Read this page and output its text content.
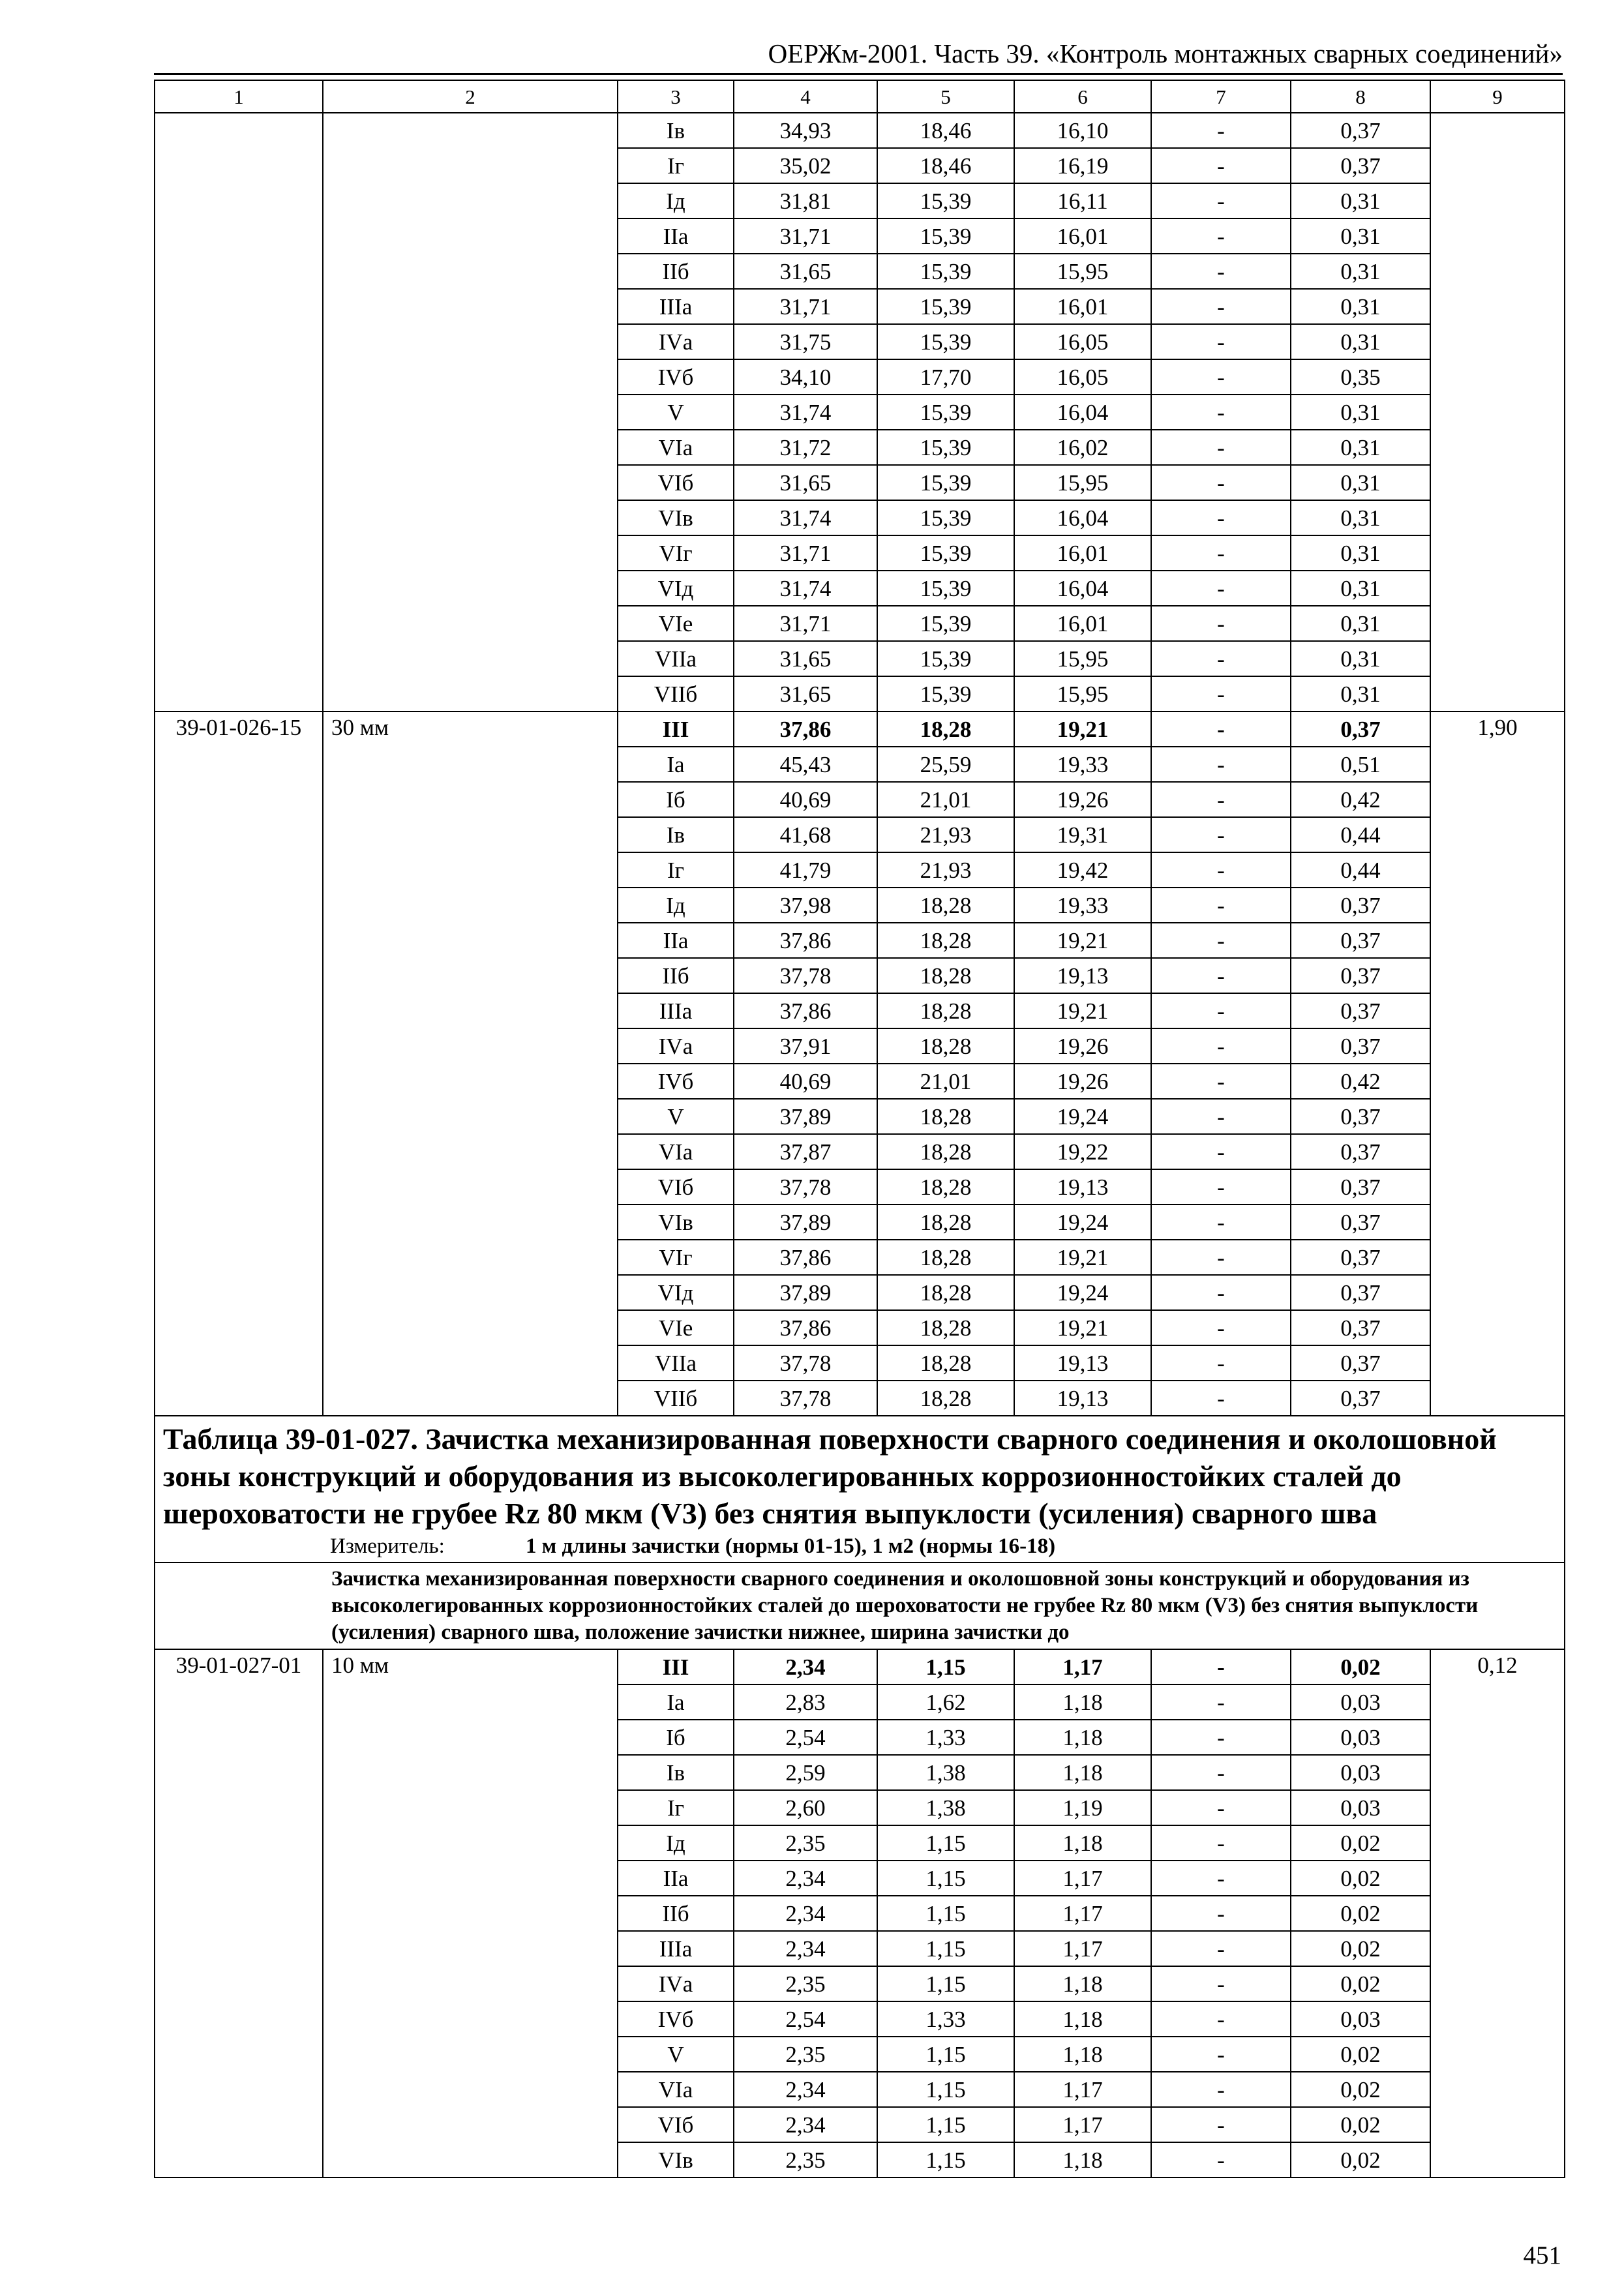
ОЕРЖм-2001. Часть 39. «Контроль монтажных сварных соединений»
1	2	3	4	5	6	7	8	9
		Iв	34,93	18,46	16,10	-	0,37	
		Iг	35,02	18,46	16,19	-	0,37	
		Iд	31,81	15,39	16,11	-	0,31	
		IIа	31,71	15,39	16,01	-	0,31	
		IIб	31,65	15,39	15,95	-	0,31	
		IIIа	31,71	15,39	16,01	-	0,31	
		IVа	31,75	15,39	16,05	-	0,31	
		IVб	34,10	17,70	16,05	-	0,35	
		V	31,74	15,39	16,04	-	0,31	
		VIа	31,72	15,39	16,02	-	0,31	
		VIб	31,65	15,39	15,95	-	0,31	
		VIв	31,74	15,39	16,04	-	0,31	
		VIг	31,71	15,39	16,01	-	0,31	
		VIд	31,74	15,39	16,04	-	0,31	
		VIе	31,71	15,39	16,01	-	0,31	
		VIIа	31,65	15,39	15,95	-	0,31	
		VIIб	31,65	15,39	15,95	-	0,31	
39-01-026-15	30 мм	III	37,86	18,28	19,21	-	0,37	1,90
		Iа	45,43	25,59	19,33	-	0,51	
		Iб	40,69	21,01	19,26	-	0,42	
		Iв	41,68	21,93	19,31	-	0,44	
		Iг	41,79	21,93	19,42	-	0,44	
		Iд	37,98	18,28	19,33	-	0,37	
		IIа	37,86	18,28	19,21	-	0,37	
		IIб	37,78	18,28	19,13	-	0,37	
		IIIа	37,86	18,28	19,21	-	0,37	
		IVа	37,91	18,28	19,26	-	0,37	
		IVб	40,69	21,01	19,26	-	0,42	
		V	37,89	18,28	19,24	-	0,37	
		VIа	37,87	18,28	19,22	-	0,37	
		VIб	37,78	18,28	19,13	-	0,37	
		VIв	37,89	18,28	19,24	-	0,37	
		VIг	37,86	18,28	19,21	-	0,37	
		VIд	37,89	18,28	19,24	-	0,37	
		VIе	37,86	18,28	19,21	-	0,37	
		VIIа	37,78	18,28	19,13	-	0,37	
		VIIб	37,78	18,28	19,13	-	0,37	

Таблица 39-01-027. Зачистка механизированная поверхности сварного соединения и околошовной зоны конструкций и оборудования из высоколегированных коррозионностойких сталей до шероховатости не грубее Rz 80 мкм (V3) без снятия выпуклости (усиления) сварного шва
Измеритель: 1 м длины зачистки (нормы 01-15), 1 м2 (нормы 16-18)								

Зачистка механизированная поверхности сварного соединения и околошовной зоны конструкций и оборудования из высоколегированных коррозионностойких сталей до шероховатости не грубее Rz 80 мкм (V3) без снятия выпуклости (усиления) сварного шва, положение зачистки нижнее, ширина зачистки до								
39-01-027-01	10 мм	III	2,34	1,15	1,17	-	0,02	0,12
		Iа	2,83	1,62	1,18	-	0,03	
		Iб	2,54	1,33	1,18	-	0,03	
		Iв	2,59	1,38	1,18	-	0,03	
		Iг	2,60	1,38	1,19	-	0,03	
		Iд	2,35	1,15	1,18	-	0,02	
		IIа	2,34	1,15	1,17	-	0,02	
		IIб	2,34	1,15	1,17	-	0,02	
		IIIа	2,34	1,15	1,17	-	0,02	
		IVа	2,35	1,15	1,18	-	0,02	
		IVб	2,54	1,33	1,18	-	0,03	
		V	2,35	1,15	1,18	-	0,02	
		VIа	2,34	1,15	1,17	-	0,02	
		VIб	2,34	1,15	1,17	-	0,02	
		VIв	2,35	1,15	1,18	-	0,02	
451
